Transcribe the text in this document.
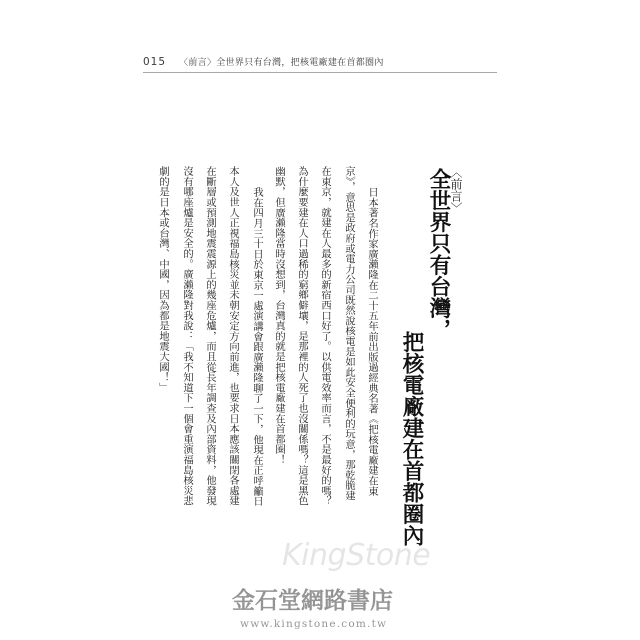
015 〈前言〉全世界只有台灣，把核電廠建在首都圈內
〈前言〉
全世界只有台灣，
把核電廠建在首都圈內
日本著名作家廣瀨隆在二十五年前出版過經典名著《把核電廠建在東
京》，意思是政府或電力公司既然說核電是如此安全便利的玩意，那乾脆建
在東京，就建在人最多的新宿西口好了。以供電效率而言，不是最好的嗎？
為什麼要建在人口過稀的窮鄉僻壤，是那裡的人死了也沒關係嗎？這是黑色
幽默，但廣瀨隆當時沒想到，台灣真的就是把核電廠建在首都圈！
我在四月三十日於東京一處演講會跟廣瀨隆聊了一下，他現在正呼籲日
本人及世人正視福島核災並未朝安定方向前進，也要求日本應該關閉各處建
在斷層或預測地震震源上的幾座危爐，而且從長年調查及內部資料，他發現
沒有哪座爐是安全的。廣瀨隆對我說：「我不知道下一個會重演福島核災悲
劇的是日本或台灣、中國，因為都是地震大國！」
KingStone
金石堂網路書店
www.kingstone.com.tw
